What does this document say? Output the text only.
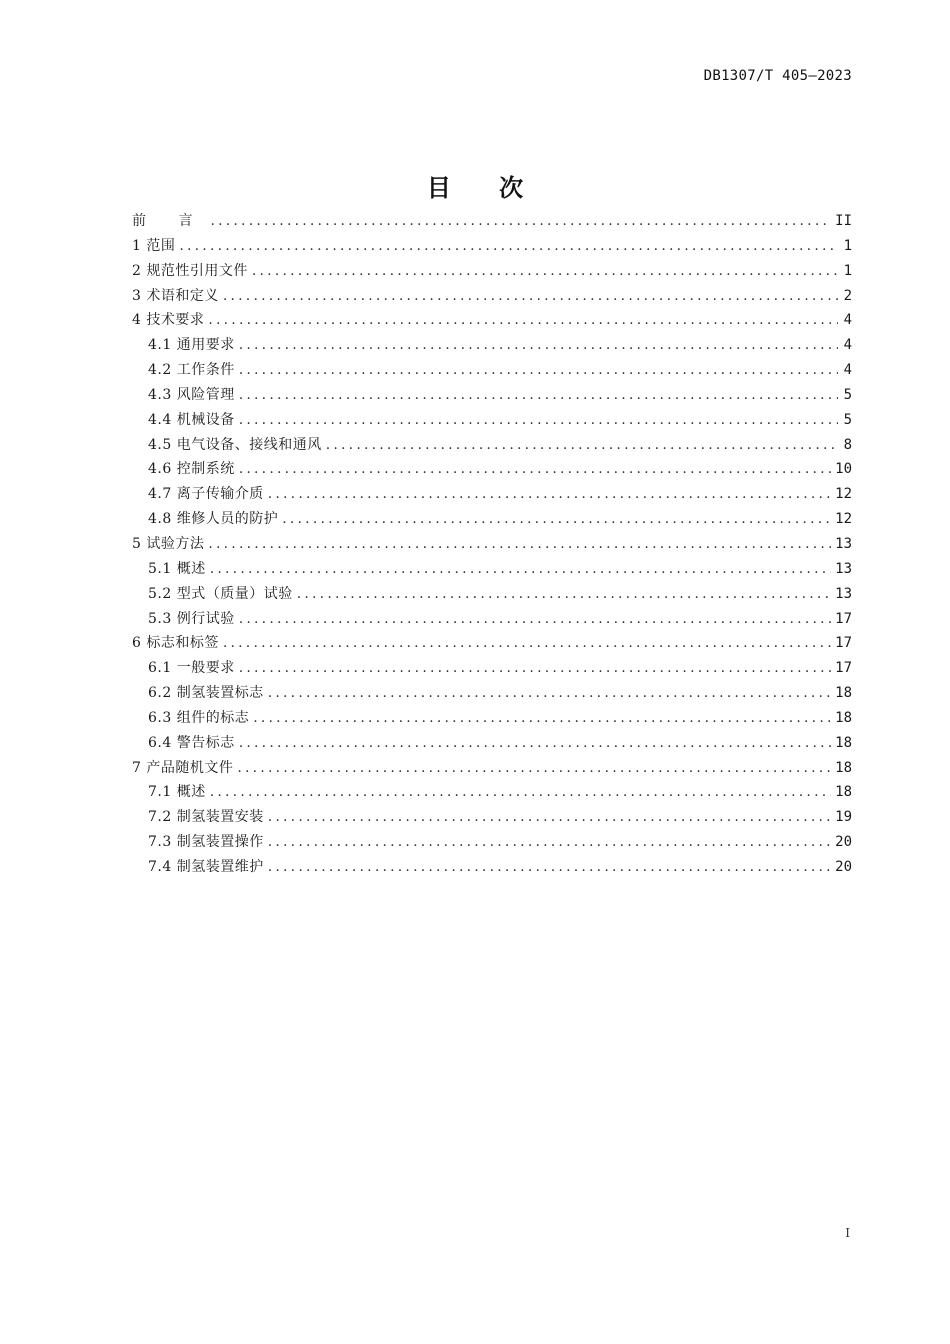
DB1307/T 405—2023
目 次
前 言 .....	II
1 范围 .....	1
2 规范性引用文件 .....	1
3 术语和定义 .....	2
4 技术要求 .....	4
4.1 通用要求 .....	4
4.2 工作条件 .....	4
4.3 风险管理 .....	5
4.4 机械设备 .....	5
4.5 电气设备、接线和通风 .....	8
4.6 控制系统 .....	10
4.7 离子传输介质 .....	12
4.8 维修人员的防护 .....	12
5 试验方法 .....	13
5.1 概述 .....	13
5.2 型式（质量）试验 .....	13
5.3 例行试验 .....	17
6 标志和标签 .....	17
6.1 一般要求 .....	17
6.2 制氢装置标志 .....	18
6.3 组件的标志 .....	18
6.4 警告标志 .....	18
7 产品随机文件 .....	18
7.1 概述 .....	18
7.2 制氢装置安装 .....	19
7.3 制氢装置操作 .....	20
7.4 制氢装置维护 .....	20
I
